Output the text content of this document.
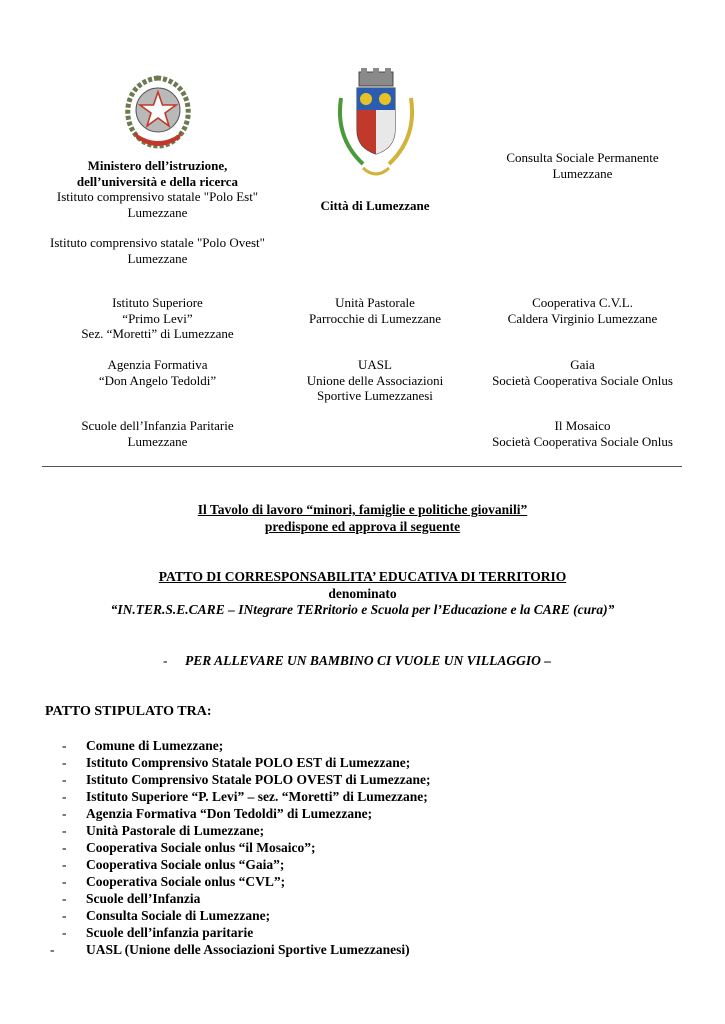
Ministero dell’istruzione,
dell’università e della ricerca
Istituto comprensivo statale "Polo Est"
Lumezzane
Istituto comprensivo statale "Polo Ovest"
Lumezzane
Città di Lumezzane
Consulta Sociale Permanente
Lumezzane
Istituto Superiore
“Primo Levi”
Sez. “Moretti” di Lumezzane
Unità Pastorale
Parrocchie di Lumezzane
Cooperativa C.V.L.
Caldera Virginio Lumezzane
Agenzia Formativa
“Don Angelo Tedoldi”
UASL
Unione delle Associazioni
Sportive Lumezzanesi
Gaia
Società Cooperativa Sociale Onlus
Scuole dell’Infanzia Paritarie
Lumezzane
Il Mosaico
Società Cooperativa Sociale Onlus
Il Tavolo di lavoro “minori, famiglie e politiche giovanili”
predispone ed approva il seguente
PATTO DI CORRESPONSABILITA’ EDUCATIVA DI TERRITORIO
denominato
“IN.TER.S.E.CARE – INtegrare TERritorio e Scuola per l’Educazione e la CARE (cura)”
- PER ALLEVARE UN BAMBINO CI VUOLE UN VILLAGGIO –
PATTO STIPULATO TRA:
-	Comune di Lumezzane;
-	Istituto Comprensivo Statale POLO EST di Lumezzane;
-	Istituto Comprensivo Statale POLO OVEST di Lumezzane;
-	Istituto Superiore “P. Levi” – sez. “Moretti” di Lumezzane;
-	Agenzia Formativa “Don Tedoldi” di Lumezzane;
-	Unità Pastorale di Lumezzane;
-	Cooperativa Sociale onlus “il Mosaico”;
-	Cooperativa Sociale onlus “Gaia”;
-	Cooperativa Sociale onlus “CVL”;
-	Scuole dell’Infanzia
-	Consulta Sociale di Lumezzane;
-	Scuole dell’infanzia paritarie
-	UASL (Unione delle Associazioni Sportive Lumezzanesi)
